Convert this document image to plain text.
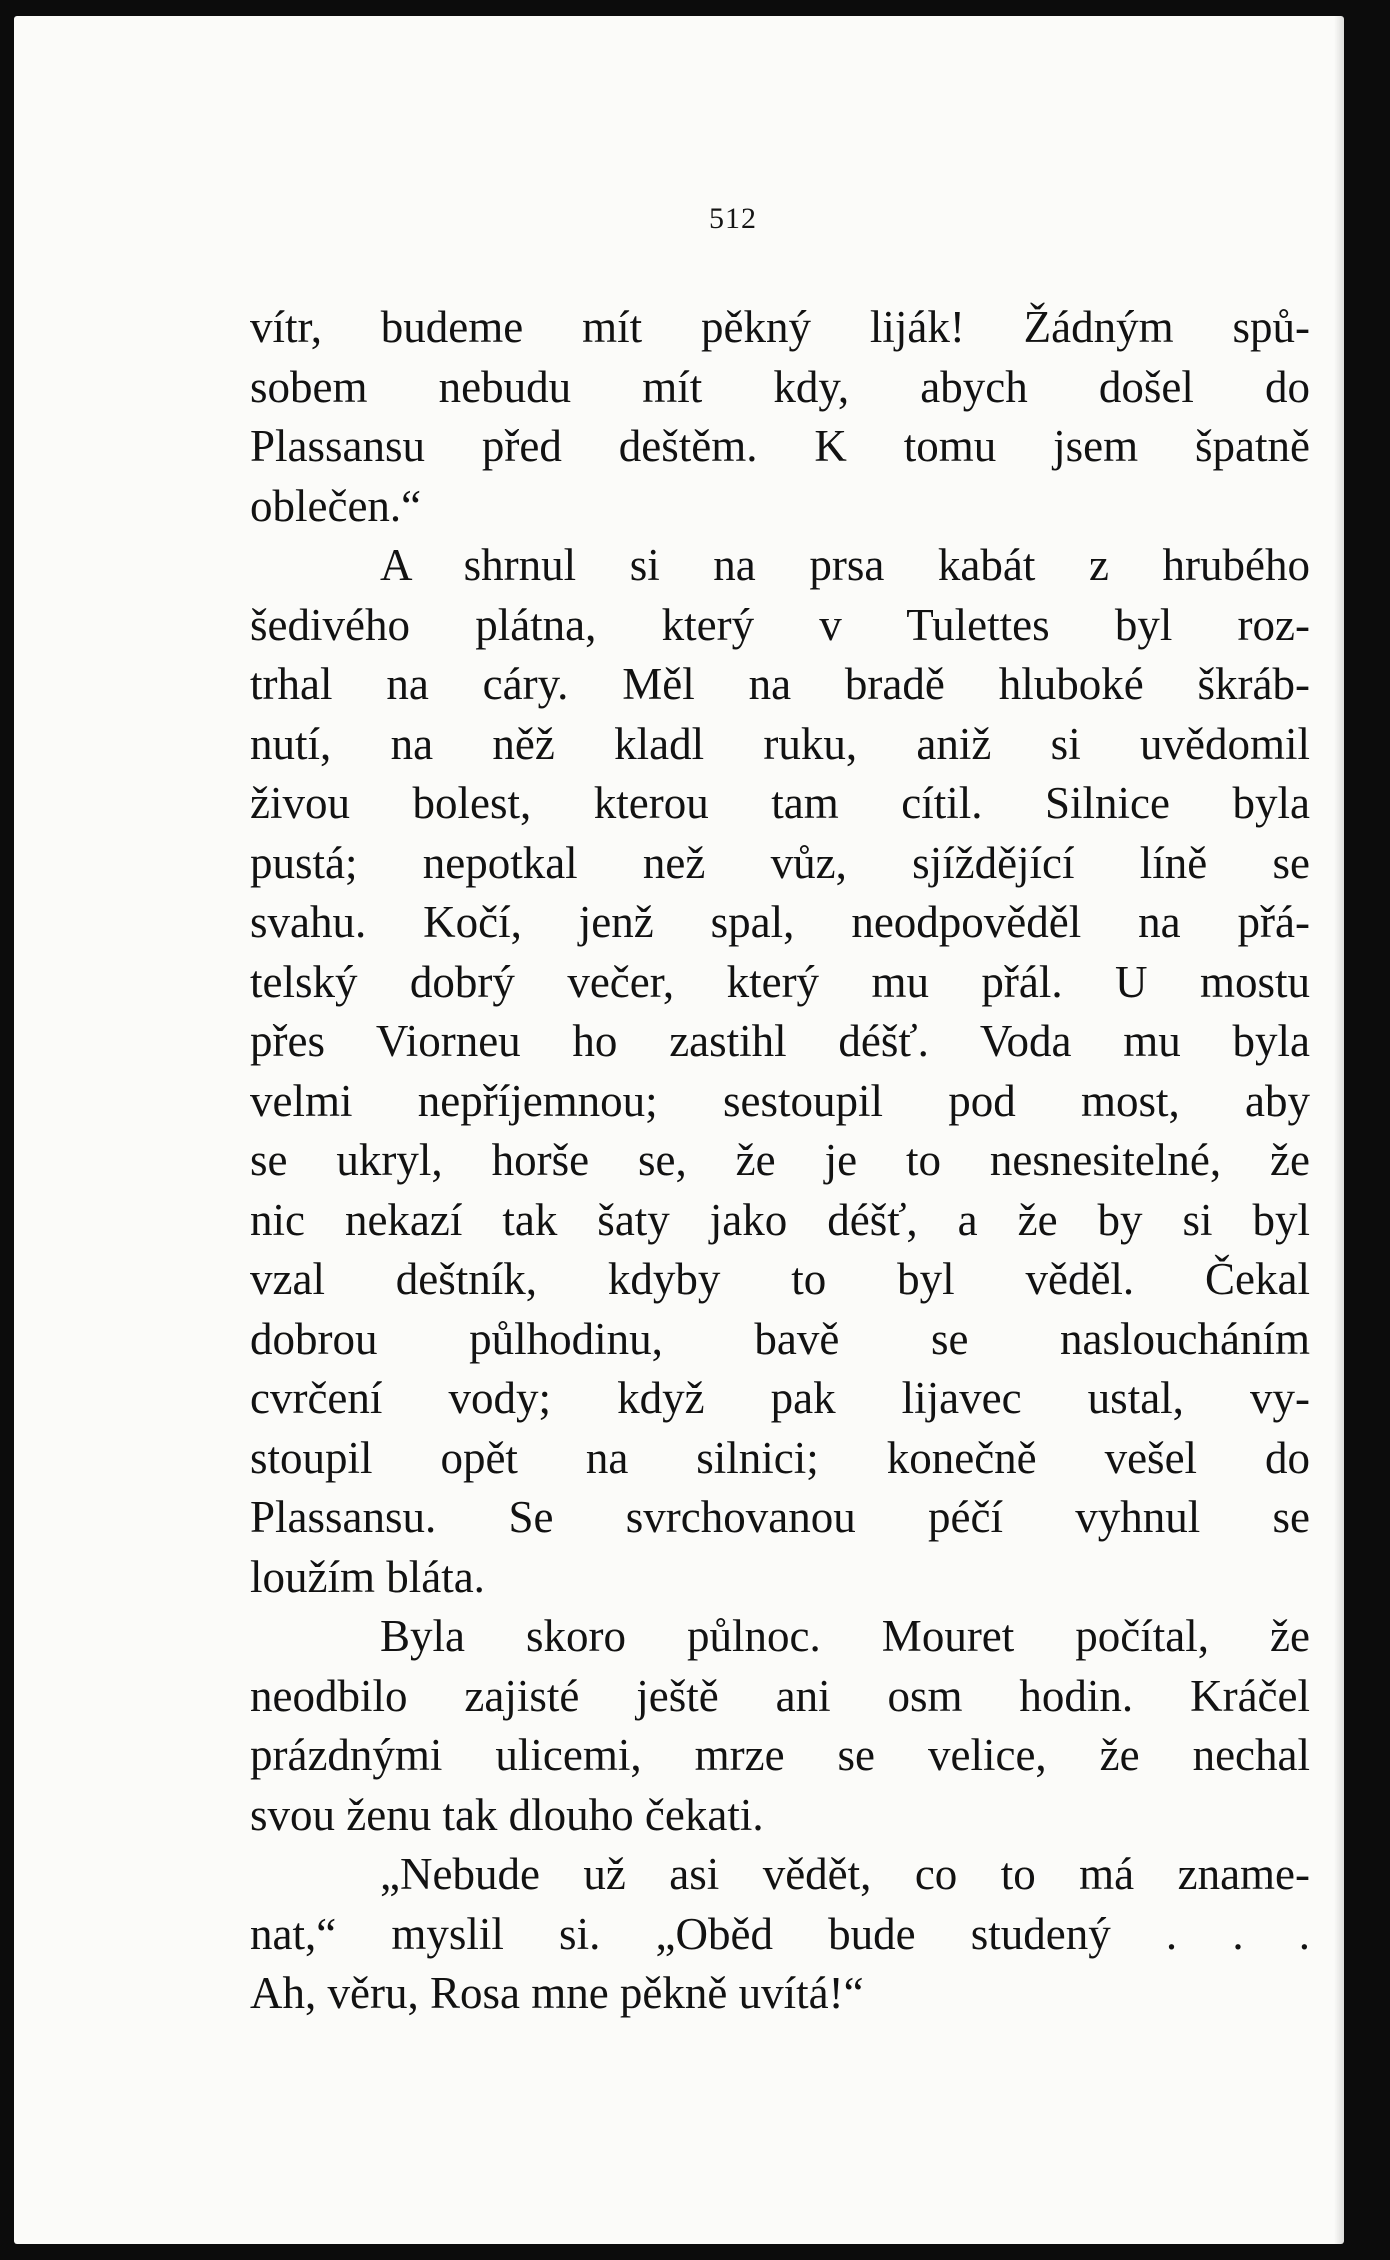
512
vítr, budeme mít pěkný liják! Žádným spů-
sobem nebudu mít kdy, abych došel do
Plassansu před deštěm. K tomu jsem špatně
oblečen.“
A shrnul si na prsa kabát z hrubého
šedivého plátna, který v Tulettes byl roz-
trhal na cáry. Měl na bradě hluboké škráb-
nutí, na něž kladl ruku, aniž si uvědomil
živou bolest, kterou tam cítil. Silnice byla
pustá; nepotkal než vůz, sjíždějící líně se
svahu. Kočí, jenž spal, neodpověděl na přá-
telský dobrý večer, který mu přál. U mostu
přes Viorneu ho zastihl déšť. Voda mu byla
velmi nepříjemnou; sestoupil pod most, aby
se ukryl, horše se, že je to nesnesitelné, že
nic nekazí tak šaty jako déšť, a že by si byl
vzal deštník, kdyby to byl věděl. Čekal
dobrou půlhodinu, bavě se nasloucháním
cvrčení vody; když pak lijavec ustal, vy-
stoupil opět na silnici; konečně vešel do
Plassansu. Se svrchovanou péčí vyhnul se
loužím bláta.
Byla skoro půlnoc. Mouret počítal, že
neodbilo zajisté ještě ani osm hodin. Kráčel
prázdnými ulicemi, mrze se velice, že nechal
svou ženu tak dlouho čekati.
„Nebude už asi vědět, co to má zname-
nat,“ myslil si. „Oběd bude studený . . .
Ah, věru, Rosa mne pěkně uvítá!“
